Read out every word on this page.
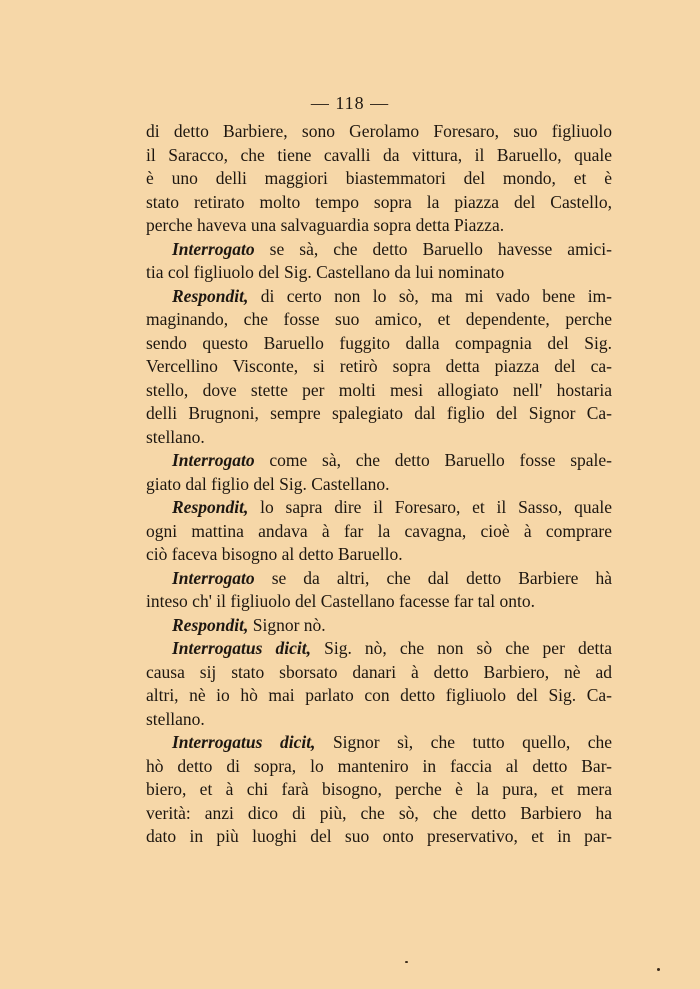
— 118 —
di detto Barbiere, sono Gerolamo Foresaro, suo figliuolo
il Saracco, che tiene cavalli da vittura, il Baruello, quale
è uno delli maggiori biastemmatori del mondo, et è
stato retirato molto tempo sopra la piazza del Castello,
perche haveva una salvaguardia sopra detta Piazza.
Interrogato se sà, che detto Baruello havesse amici-
tia col figliuolo del Sig. Castellano da lui nominato
Respondit, di certo non lo sò, ma mi vado bene im-
maginando, che fosse suo amico, et dependente, perche
sendo questo Baruello fuggito dalla compagnia del Sig.
Vercellino Visconte, si retirò sopra detta piazza del ca-
stello, dove stette per molti mesi allogiato nell' hostaria
delli Brugnoni, sempre spalegiato dal figlio del Signor Ca-
stellano.
Interrogato come sà, che detto Baruello fosse spale-
giato dal figlio del Sig. Castellano.
Respondit, lo sapra dire il Foresaro, et il Sasso, quale
ogni mattina andava à far la cavagna, cioè à comprare
ciò faceva bisogno al detto Baruello.
Interrogato se da altri, che dal detto Barbiere hà
inteso ch' il figliuolo del Castellano facesse far tal onto.
Respondit, Signor nò.
Interrogatus dicit, Sig. nò, che non sò che per detta
causa sij stato sborsato danari à detto Barbiero, nè ad
altri, nè io hò mai parlato con detto figliuolo del Sig. Ca-
stellano.
Interrogatus dicit, Signor sì, che tutto quello, che
hò detto di sopra, lo manteniro in faccia al detto Bar-
biero, et à chi farà bisogno, perche è la pura, et mera
verità: anzi dico di più, che sò, che detto Barbiero ha
dato in più luoghi del suo onto preservativo, et in par-
